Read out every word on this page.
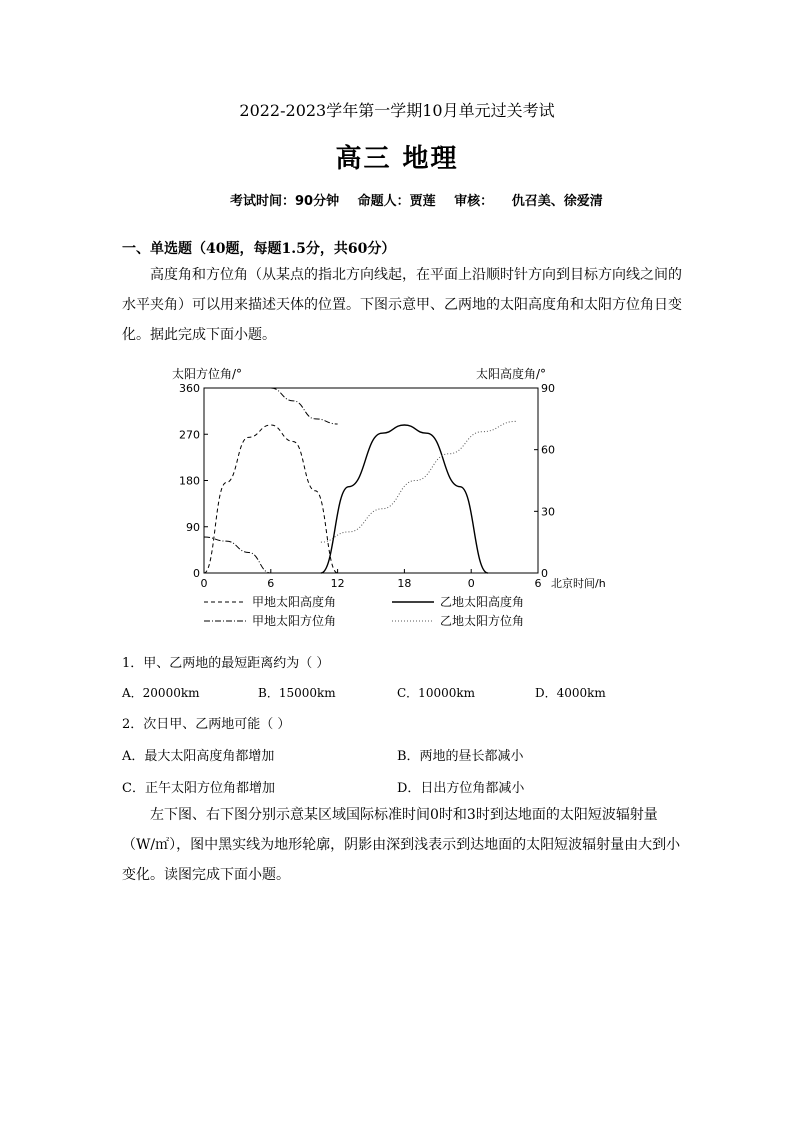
2022-2023学年第一学期10月单元过关考试
高三 地理
考试时间：90分钟 命题人：贾莲 审核： 仇召美、徐爱清
一、单选题（40题，每题1.5分，共60分）
高度角和方位角（从某点的指北方向线起，在平面上沿顺时针方向到目标方向线之间的水平夹角）可以用来描述天体的位置。下图示意甲、乙两地的太阳高度角和太阳方位角日变化。据此完成下面小题。
360
270
180
90
0
90
60
30
0
0	6	12	18	0	6
甲地太阳高度角	乙地太阳高度角
甲地太阳方位角	乙地太阳方位角
太阳方位角/°	太阳高度角/°
北京时间/h
1．甲、乙两地的最短距离约为（ ）
A．20000km	B．15000km	C．10000km	D．4000km
2．次日甲、乙两地可能（ ）
A．最大太阳高度角都增加	B．两地的昼长都减小
C．正午太阳方位角都增加	D．日出方位角都减小
左下图、右下图分别示意某区域国际标准时间0时和3时到达地面的太阳短波辐射量（W/㎡），图中黑实线为地形轮廓，阴影由深到浅表示到达地面的太阳短波辐射量由大到小变化。读图完成下面小题。
